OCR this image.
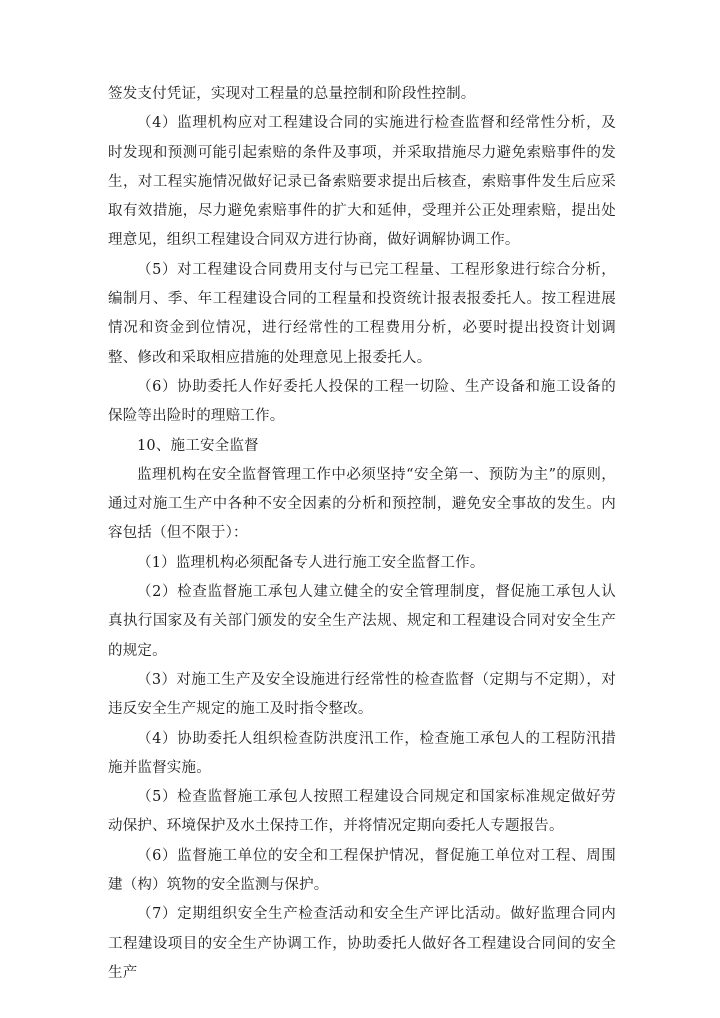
签发支付凭证，实现对工程量的总量控制和阶段性控制。

（4）监理机构应对工程建设合同的实施进行检查监督和经常性分析，及时发现和预测可能引起索赔的条件及事项，并采取措施尽力避免索赔事件的发生，对工程实施情况做好记录已备索赔要求提出后核查，索赔事件发生后应采取有效措施，尽力避免索赔事件的扩大和延伸，受理并公正处理索赔，提出处理意见，组织工程建设合同双方进行协商，做好调解协调工作。

（5）对工程建设合同费用支付与已完工程量、工程形象进行综合分析，编制月、季、年工程建设合同的工程量和投资统计报表报委托人。按工程进展情况和资金到位情况，进行经常性的工程费用分析，必要时提出投资计划调整、修改和采取相应措施的处理意见上报委托人。

（6）协助委托人作好委托人投保的工程一切险、生产设备和施工设备的保险等出险时的理赔工作。

10、施工安全监督

监理机构在安全监督管理工作中必须坚持“安全第一、预防为主”的原则，通过对施工生产中各种不安全因素的分析和预控制，避免安全事故的发生。内容包括（但不限于）：

（1）监理机构必须配备专人进行施工安全监督工作。

（2）检查监督施工承包人建立健全的安全管理制度，督促施工承包人认真执行国家及有关部门颁发的安全生产法规、规定和工程建设合同对安全生产的规定。

（3）对施工生产及安全设施进行经常性的检查监督（定期与不定期），对违反安全生产规定的施工及时指令整改。

（4）协助委托人组织检查防洪度汛工作，检查施工承包人的工程防汛措施并监督实施。

（5）检查监督施工承包人按照工程建设合同规定和国家标准规定做好劳动保护、环境保护及水土保持工作，并将情况定期向委托人专题报告。

（6）监督施工单位的安全和工程保护情况，督促施工单位对工程、周围建（构）筑物的安全监测与保护。

（7）定期组织安全生产检查活动和安全生产评比活动。做好监理合同内工程建设项目的安全生产协调工作，协助委托人做好各工程建设合同间的安全生产
